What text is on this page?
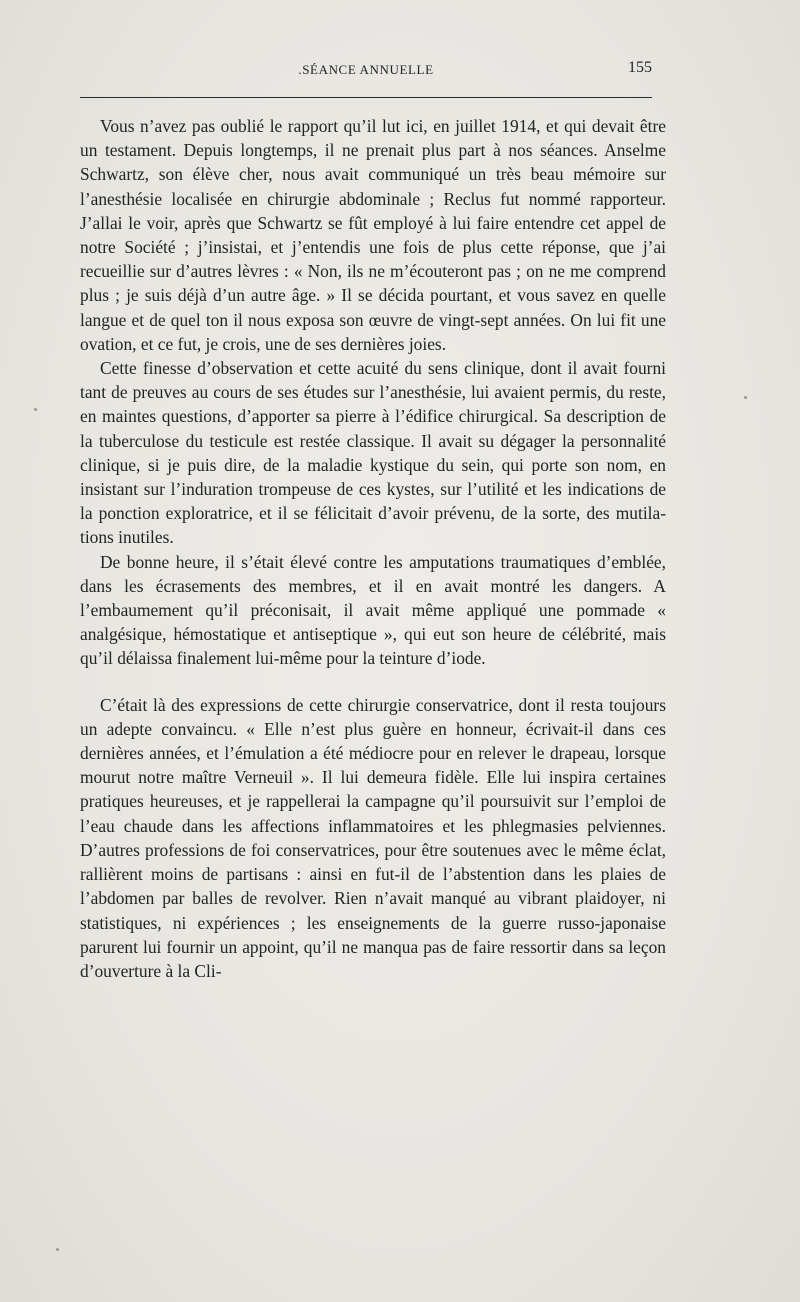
.SÉANCE ANNUELLE	155

Vous n’avez pas oublié le rapport qu’il lut ici, en juillet 1914, et qui devait être un testament. Depuis longtemps, il ne prenait plus part à nos séances. Anselme Schwartz, son élève cher, nous avait communiqué un très beau mémoire sur l’anesthésie localisée en chirurgie abdominale ; Reclus fut nommé rapporteur. J’allai le voir, après que Schwartz se fût employé à lui faire entendre cet appel de notre Société ; j’insistai, et j’entendis une fois de plus cette réponse, que j’ai recueillie sur d’autres lèvres : « Non, ils ne m’écouteront pas ; on ne me comprend plus ; je suis déjà d’un autre âge. » Il se décida pourtant, et vous savez en quelle langue et de quel ton il nous exposa son œuvre de vingt-sept années. On lui fit une ovation, et ce fut, je crois, une de ses dernières joies.

Cette finesse d’observation et cette acuité du sens clinique, dont il avait fourni tant de preuves au cours de ses études sur l’anesthésie, lui avaient permis, du reste, en maintes questions, d’apporter sa pierre à l’édifice chirurgical. Sa description de la tuberculose du testicule est restée classique. Il avait su dégager la personnalité clinique, si je puis dire, de la maladie kystique du sein, qui porte son nom, en insistant sur l’induration trompeuse de ces kystes, sur l’utilité et les indications de la ponction exploratrice, et il se félicitait d’avoir prévenu, de la sorte, des mutilations inutiles.

De bonne heure, il s’était élevé contre les amputations traumatiques d’emblée, dans les écrasements des membres, et il en avait montré les dangers. A l’embaumement qu’il préconisait, il avait même appliqué une pommade « analgésique, hémostatique et antiseptique », qui eut son heure de célébrité, mais qu’il délaissa finalement lui-même pour la teinture d’iode.

C’était là des expressions de cette chirurgie conservatrice, dont il resta toujours un adepte convaincu. « Elle n’est plus guère en honneur, écrivait-il dans ces dernières années, et l’émulation a été médiocre pour en relever le drapeau, lorsque mourut notre maître Verneuil ». Il lui demeura fidèle. Elle lui inspira certaines pratiques heureuses, et je rappellerai la campagne qu’il poursuivit sur l’emploi de l’eau chaude dans les affections inflammatoires et les phlegmasies pelviennes. D’autres professions de foi conservatrices, pour être soutenues avec le même éclat, rallièrent moins de partisans : ainsi en fut-il de l’abstention dans les plaies de l’abdomen par balles de revolver. Rien n’avait manqué au vibrant plaidoyer, ni statistiques, ni expériences ; les enseignements de la guerre russo-japonaise parurent lui fournir un appoint, qu’il ne manqua pas de faire ressortir dans sa leçon d’ouverture à la Cli-
